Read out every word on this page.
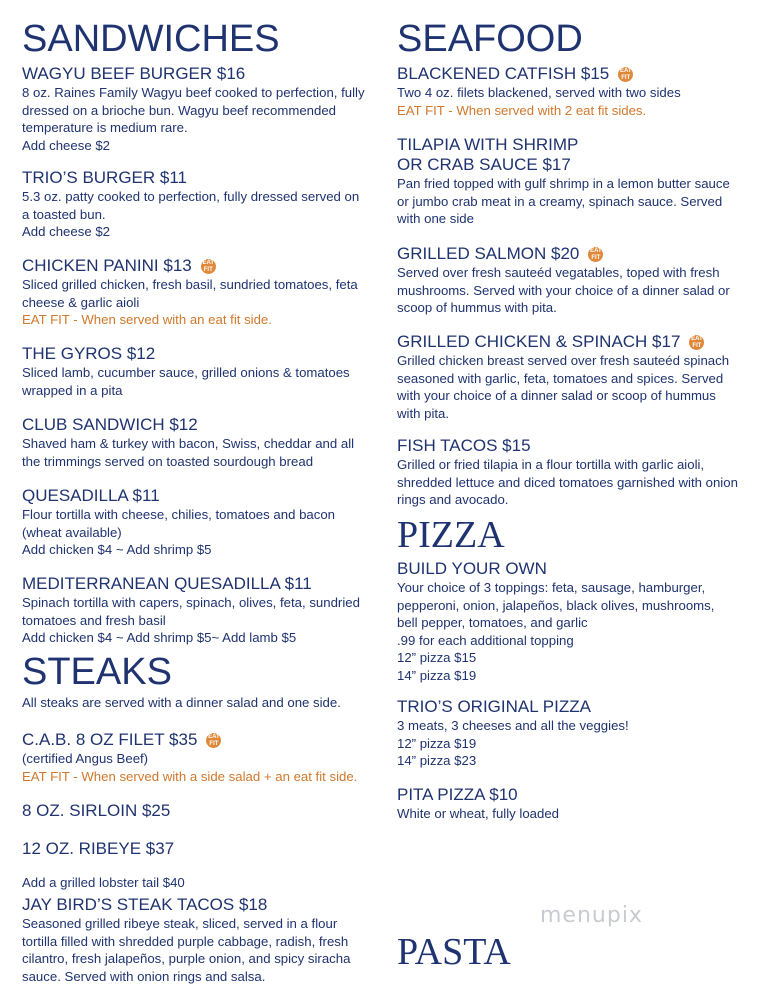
SANDWICHES
WAGYU BEEF BURGER $16
8 oz. Raines Family Wagyu beef cooked to perfection, fully
dressed on a brioche bun. Wagyu beef recommended
temperature is medium rare.
Add cheese $2
TRIO’S BURGER $11
5.3 oz. patty cooked to perfection, fully dressed served on
a toasted bun.
Add cheese $2
CHICKEN PANINI $13 EAT FIT
Sliced grilled chicken, fresh basil, sundried tomatoes, feta
cheese & garlic aioli
EAT FIT - When served with an eat fit side.
THE GYROS $12
Sliced lamb, cucumber sauce, grilled onions & tomatoes
wrapped in a pita
CLUB SANDWICH $12
Shaved ham & turkey with bacon, Swiss, cheddar and all
the trimmings served on toasted sourdough bread
QUESADILLA $11
Flour tortilla with cheese, chilies, tomatoes and bacon
(wheat available)
Add chicken $4 ~ Add shrimp $5
MEDITERRANEAN QUESADILLA $11
Spinach tortilla with capers, spinach, olives, feta, sundried
tomatoes and fresh basil
Add chicken $4 ~ Add shrimp $5~ Add lamb $5
STEAKS
All steaks are served with a dinner salad and one side.
C.A.B. 8 OZ FILET $35 EAT FIT
(certified Angus Beef)
EAT FIT - When served with a side salad + an eat fit side.
8 OZ. SIRLOIN $25
12 OZ. RIBEYE $37
Add a grilled lobster tail $40
JAY BIRD’S STEAK TACOS $18
Seasoned grilled ribeye steak, sliced, served in a flour
tortilla filled with shredded purple cabbage, radish, fresh
cilantro, fresh jalapeños, purple onion, and spicy siracha
sauce. Served with onion rings and salsa.
SEAFOOD
BLACKENED CATFISH $15 EAT FIT
Two 4 oz. filets blackened, served with two sides
EAT FIT - When served with 2 eat fit sides.
TILAPIA WITH SHRIMP
OR CRAB SAUCE $17
Pan fried topped with gulf shrimp in a lemon butter sauce
or jumbo crab meat in a creamy, spinach sauce. Served
with one side
GRILLED SALMON $20 EAT FIT
Served over fresh sauteéd vegatables, toped with fresh
mushrooms. Served with your choice of a dinner salad or
scoop of hummus with pita.
GRILLED CHICKEN & SPINACH $17 EAT FIT
Grilled chicken breast served over fresh sauteéd spinach
seasoned with garlic, feta, tomatoes and spices. Served
with your choice of a dinner salad or scoop of hummus
with pita.
FISH TACOS $15
Grilled or fried tilapia in a flour tortilla with garlic aioli,
shredded lettuce and diced tomatoes garnished with onion
rings and avocado.
PIZZA
BUILD YOUR OWN
Your choice of 3 toppings: feta, sausage, hamburger,
pepperoni, onion, jalapeños, black olives, mushrooms,
bell pepper, tomatoes, and garlic
.99 for each additional topping
12” pizza $15
14” pizza $19
TRIO’S ORIGINAL PIZZA
3 meats, 3 cheeses and all the veggies!
12” pizza $19
14” pizza $23
PITA PIZZA $10
White or wheat, fully loaded
PASTA
menupix
